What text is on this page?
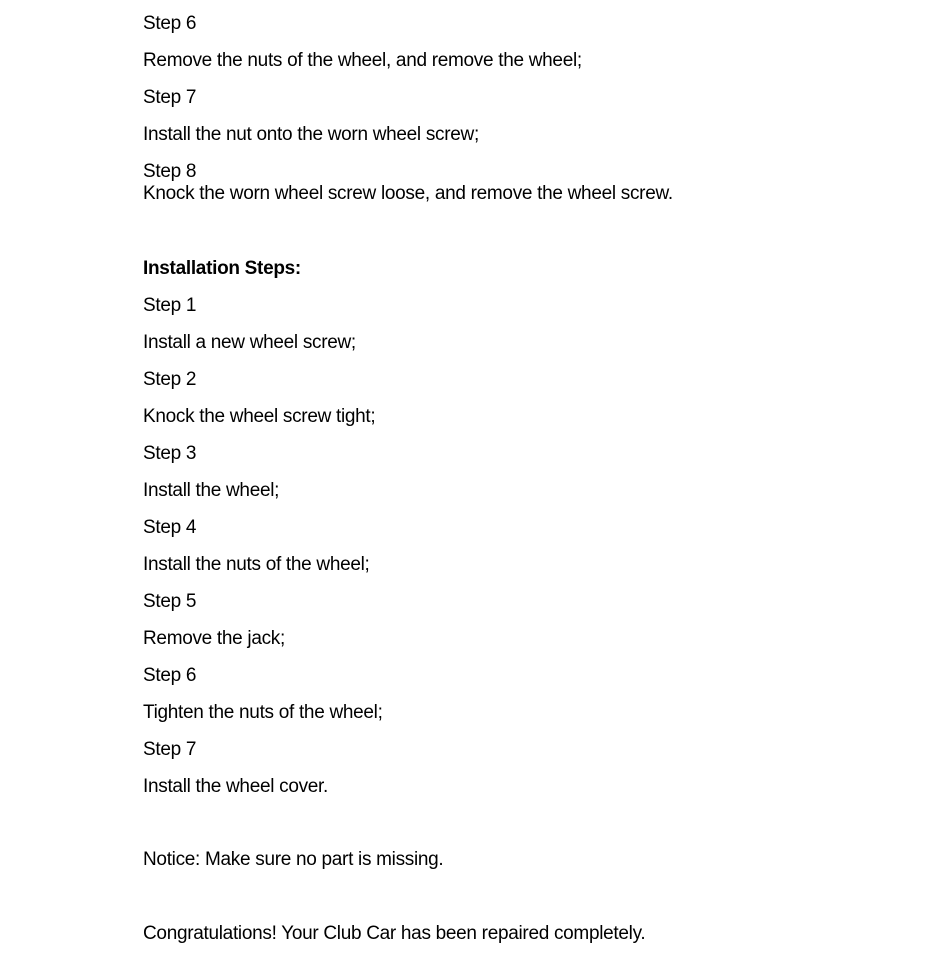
Step 6
Remove the nuts of the wheel, and remove the wheel;
Step 7
Install the nut onto the worn wheel screw;
Step 8
Knock the worn wheel screw loose, and remove the wheel screw.
Installation Steps:
Step 1
Install a new wheel screw;
Step 2
Knock the wheel screw tight;
Step 3
Install the wheel;
Step 4
Install the nuts of the wheel;
Step 5
Remove the jack;
Step 6
Tighten the nuts of the wheel;
Step 7
Install the wheel cover.
Notice: Make sure no part is missing.
Congratulations! Your Club Car has been repaired completely.
